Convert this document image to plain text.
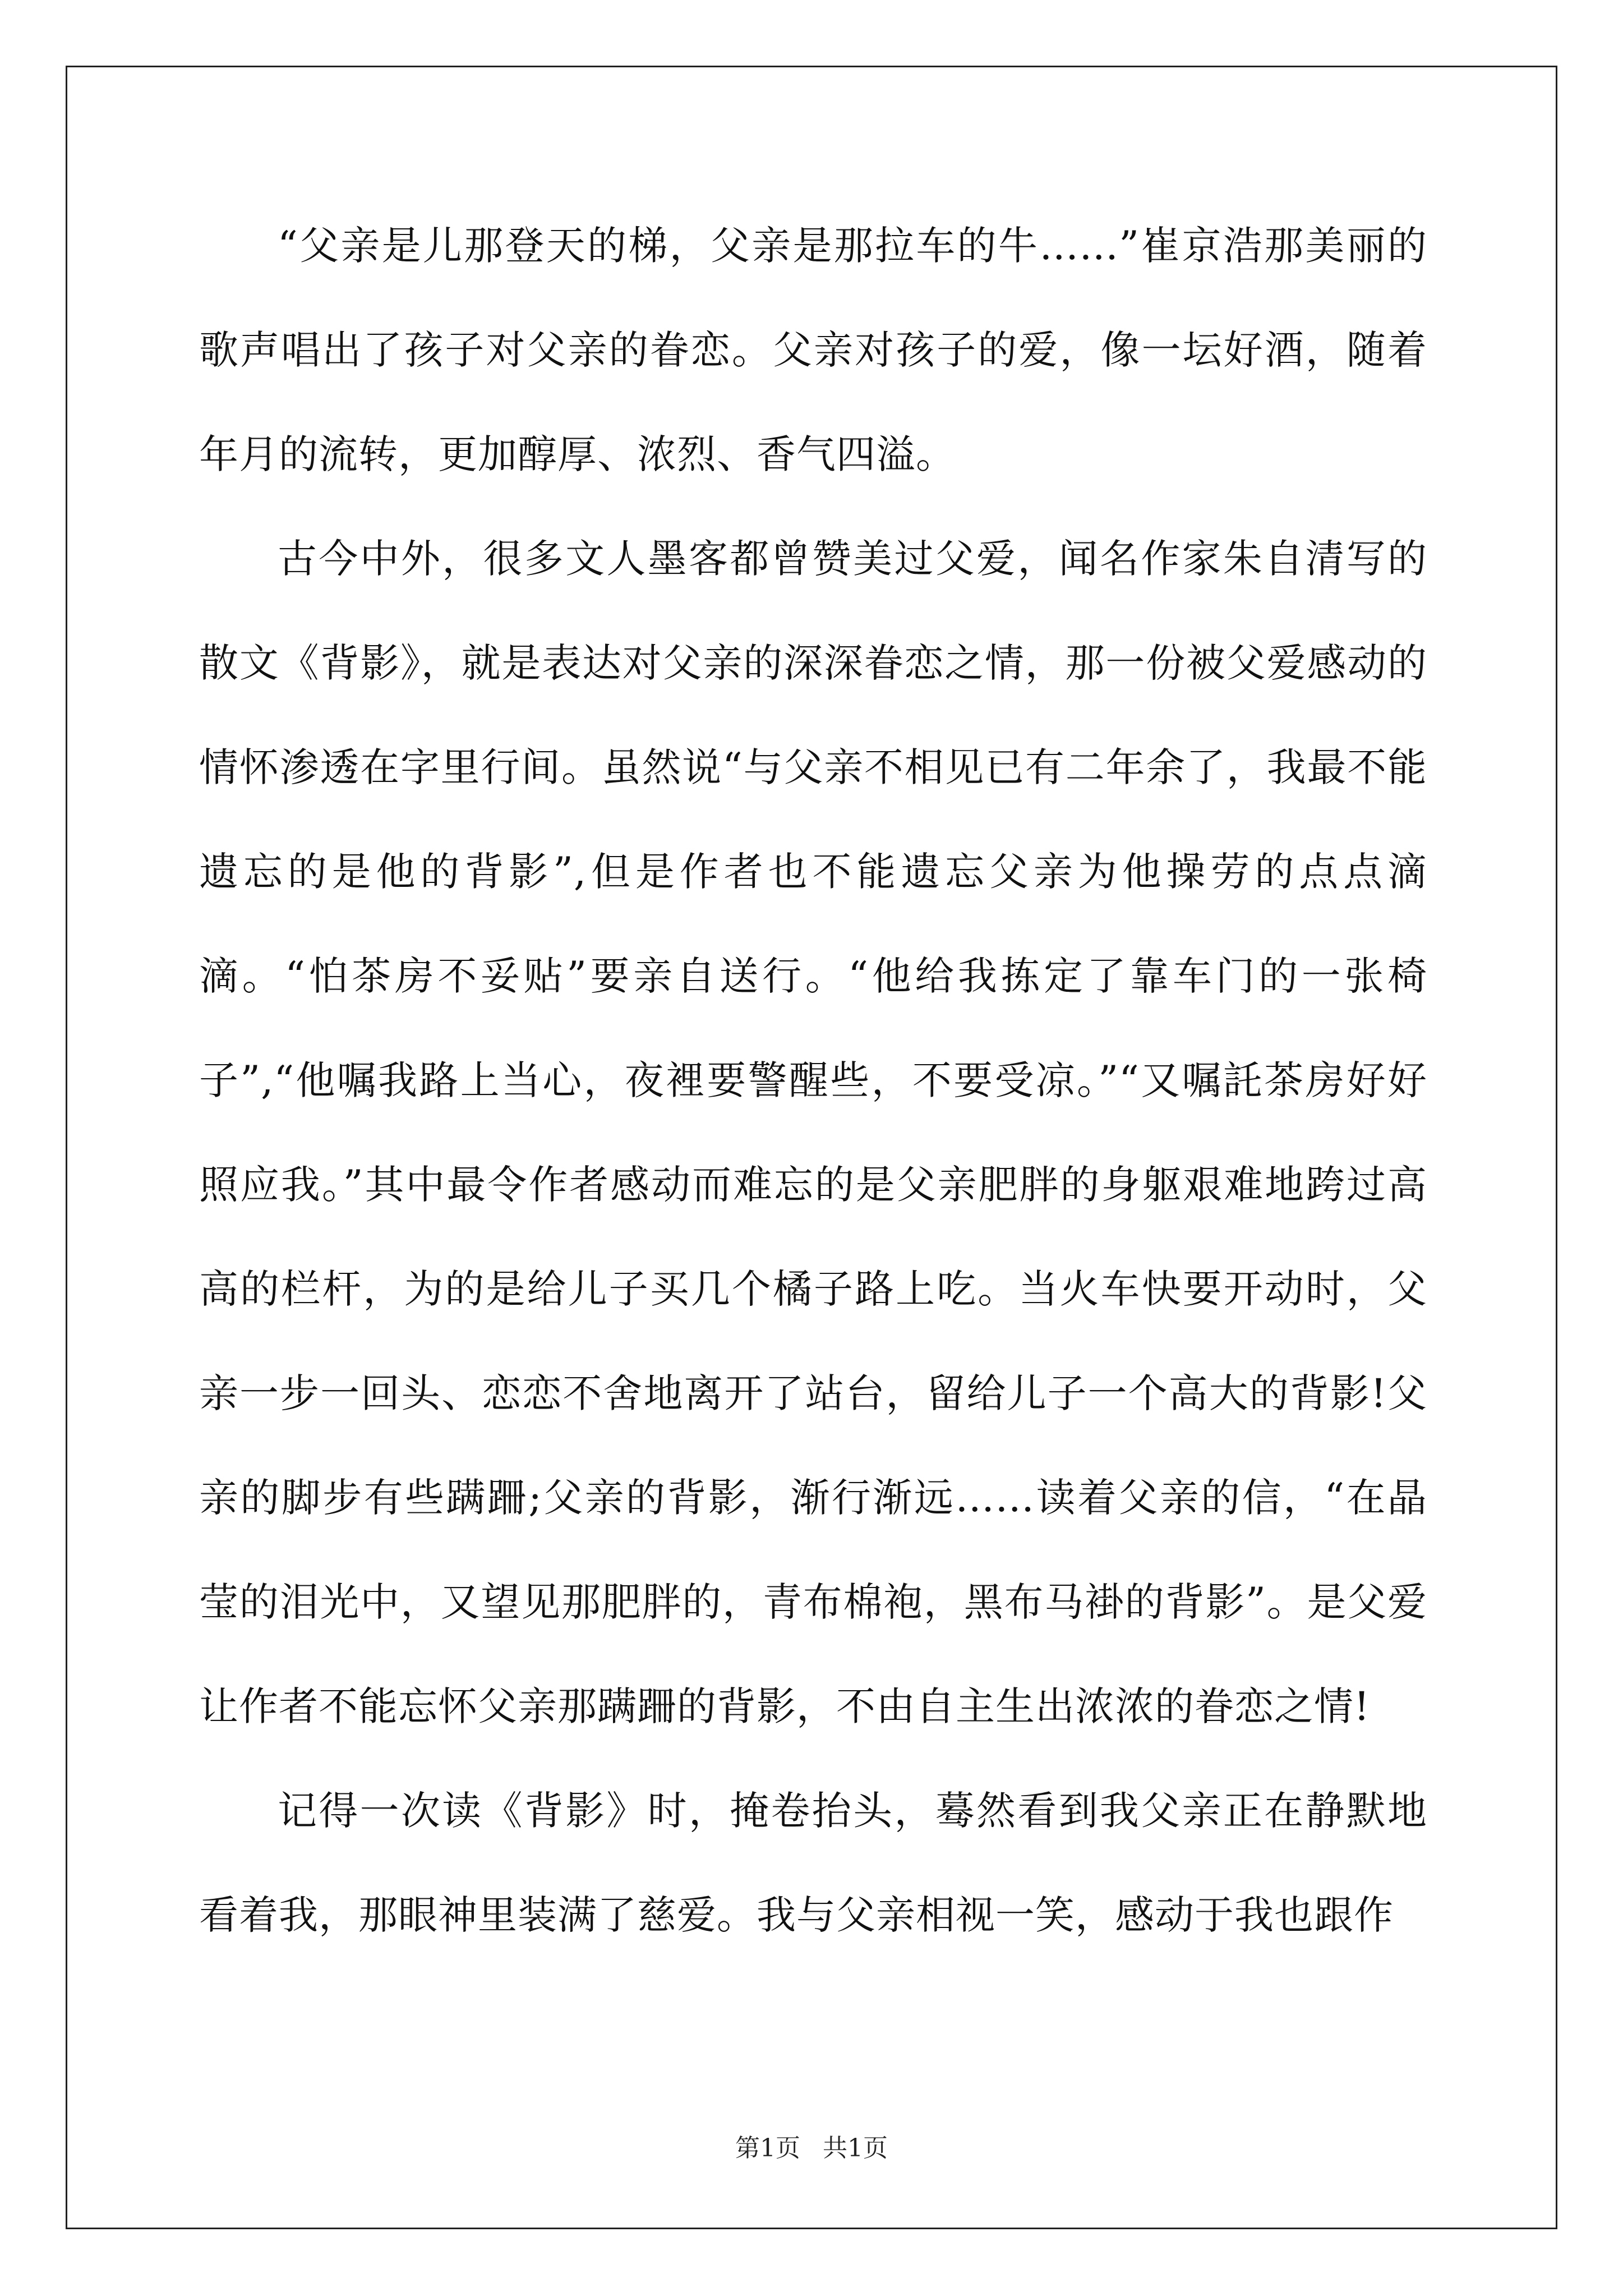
“父亲是儿那登天的梯，父亲是那拉车的牛……”崔京浩那美丽的歌声唱出了孩子对父亲的眷恋。父亲对孩子的爱，像一坛好酒，随着年月的流转，更加醇厚、浓烈、香气四溢。

古今中外，很多文人墨客都曾赞美过父爱，闻名作家朱自清写的散文《背影》，就是表达对父亲的深深眷恋之情，那一份被父爱感动的情怀渗透在字里行间。虽然说“与父亲不相见已有二年余了，我最不能遗忘的是他的背影”,但是作者也不能遗忘父亲为他操劳的点点滴滴。“怕茶房不妥贴”要亲自送行。“他给我拣定了靠车门的一张椅子”,“他嘱我路上当心，夜裡要警醒些，不要受凉。”“又嘱託茶房好好照应我。”其中最令作者感动而难忘的是父亲肥胖的身躯艰难地跨过高高的栏杆，为的是给儿子买几个橘子路上吃。当火车快要开动时，父亲一步一回头、恋恋不舍地离开了站台，留给儿子一个高大的背影!父亲的脚步有些蹒跚;父亲的背影，渐行渐远……读着父亲的信，“在晶莹的泪光中，又望见那肥胖的，青布棉袍，黑布马褂的背影”。是父爱让作者不能忘怀父亲那蹒跚的背影，不由自主生出浓浓的眷恋之情!

记得一次读《背影》时，掩卷抬头，蓦然看到我父亲正在静默地看着我，那眼神里装满了慈爱。我与父亲相视一笑，感动于我也跟作

第1页 共1页
